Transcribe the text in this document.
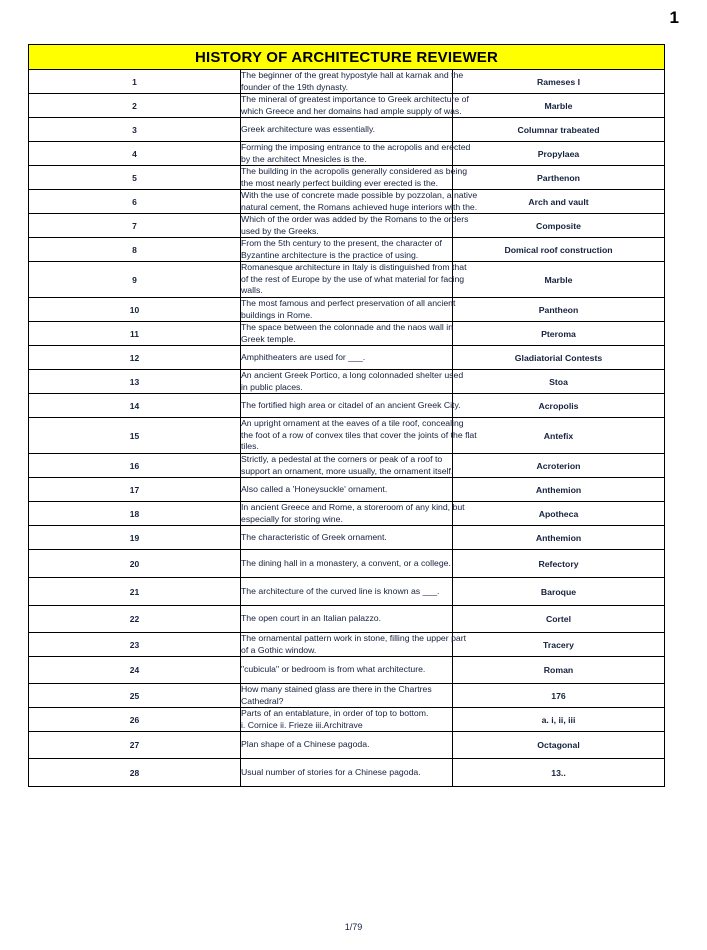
1
HISTORY OF ARCHITECTURE REVIEWER		
1	The beginner of the great hypostyle hall at karnak and the
founder of the 19th dynasty.	Rameses I
2	The mineral of greatest importance to Greek architecture of
which Greece and her domains had ample supply of was.	Marble
3	Greek architecture was essentially.	Columnar trabeated
4	Forming the imposing entrance to the acropolis and erected
by the architect Mnesicles is the.	Propylaea
5	The building in the acropolis generally considered as being
the most nearly perfect building ever erected is the.	Parthenon
6	With the use of concrete made possible by pozzolan, a native
natural cement, the Romans achieved huge interiors with the.	Arch and vault
7	Which of the order was added by the Romans to the orders
used by the Greeks.	Composite
8	From the 5th century to the present, the character of
Byzantine architecture is the practice of using.	Domical roof construction
9	Romanesque architecture in Italy is distinguished from that
of the rest of Europe by the use of what material for facing
walls.	Marble
10	The most famous and perfect preservation of all ancient
buildings in Rome.	Pantheon
11	The space between the colonnade and the naos wall in
Greek temple.	Pteroma
12	Amphitheaters are used for ___.	Gladiatorial Contests
13	An ancient Greek Portico, a long colonnaded shelter used
in public places.	Stoa
14	The fortified high area or citadel of an ancient Greek City.	Acropolis
15	An upright ornament at the eaves of a tile roof, concealing
the foot of a row of convex tiles that cover the joints of the flat
tiles.	Antefix
16	Strictly, a pedestal at the corners or peak of a roof to
support an ornament, more usually, the ornament itself.	Acroterion
17	Also called a 'Honeysuckle' ornament.	Anthemion
18	In ancient Greece and Rome, a storeroom of any kind, but
especially for storing wine.	Apotheca
19	The characteristic of Greek ornament.	Anthemion
20	The dining hall in a monastery, a convent, or a college.	Refectory
21	The architecture of the curved line is known as ___.	Baroque
22	The open court in an Italian palazzo.	Cortel
23	The ornamental pattern work in stone, filling the upper part
of a Gothic window.	Tracery
24	"cubicula" or bedroom is from what architecture.	Roman
25	How many stained glass are there in the Chartres
Cathedral?	176
26	Parts of an entablature, in order of top to bottom.
i. Cornice ii. Frieze iii.Architrave	a. i, ii, iii
27	Plan shape of a Chinese pagoda.	Octagonal
28	Usual number of stories for a Chinese pagoda.	13..
1/79
